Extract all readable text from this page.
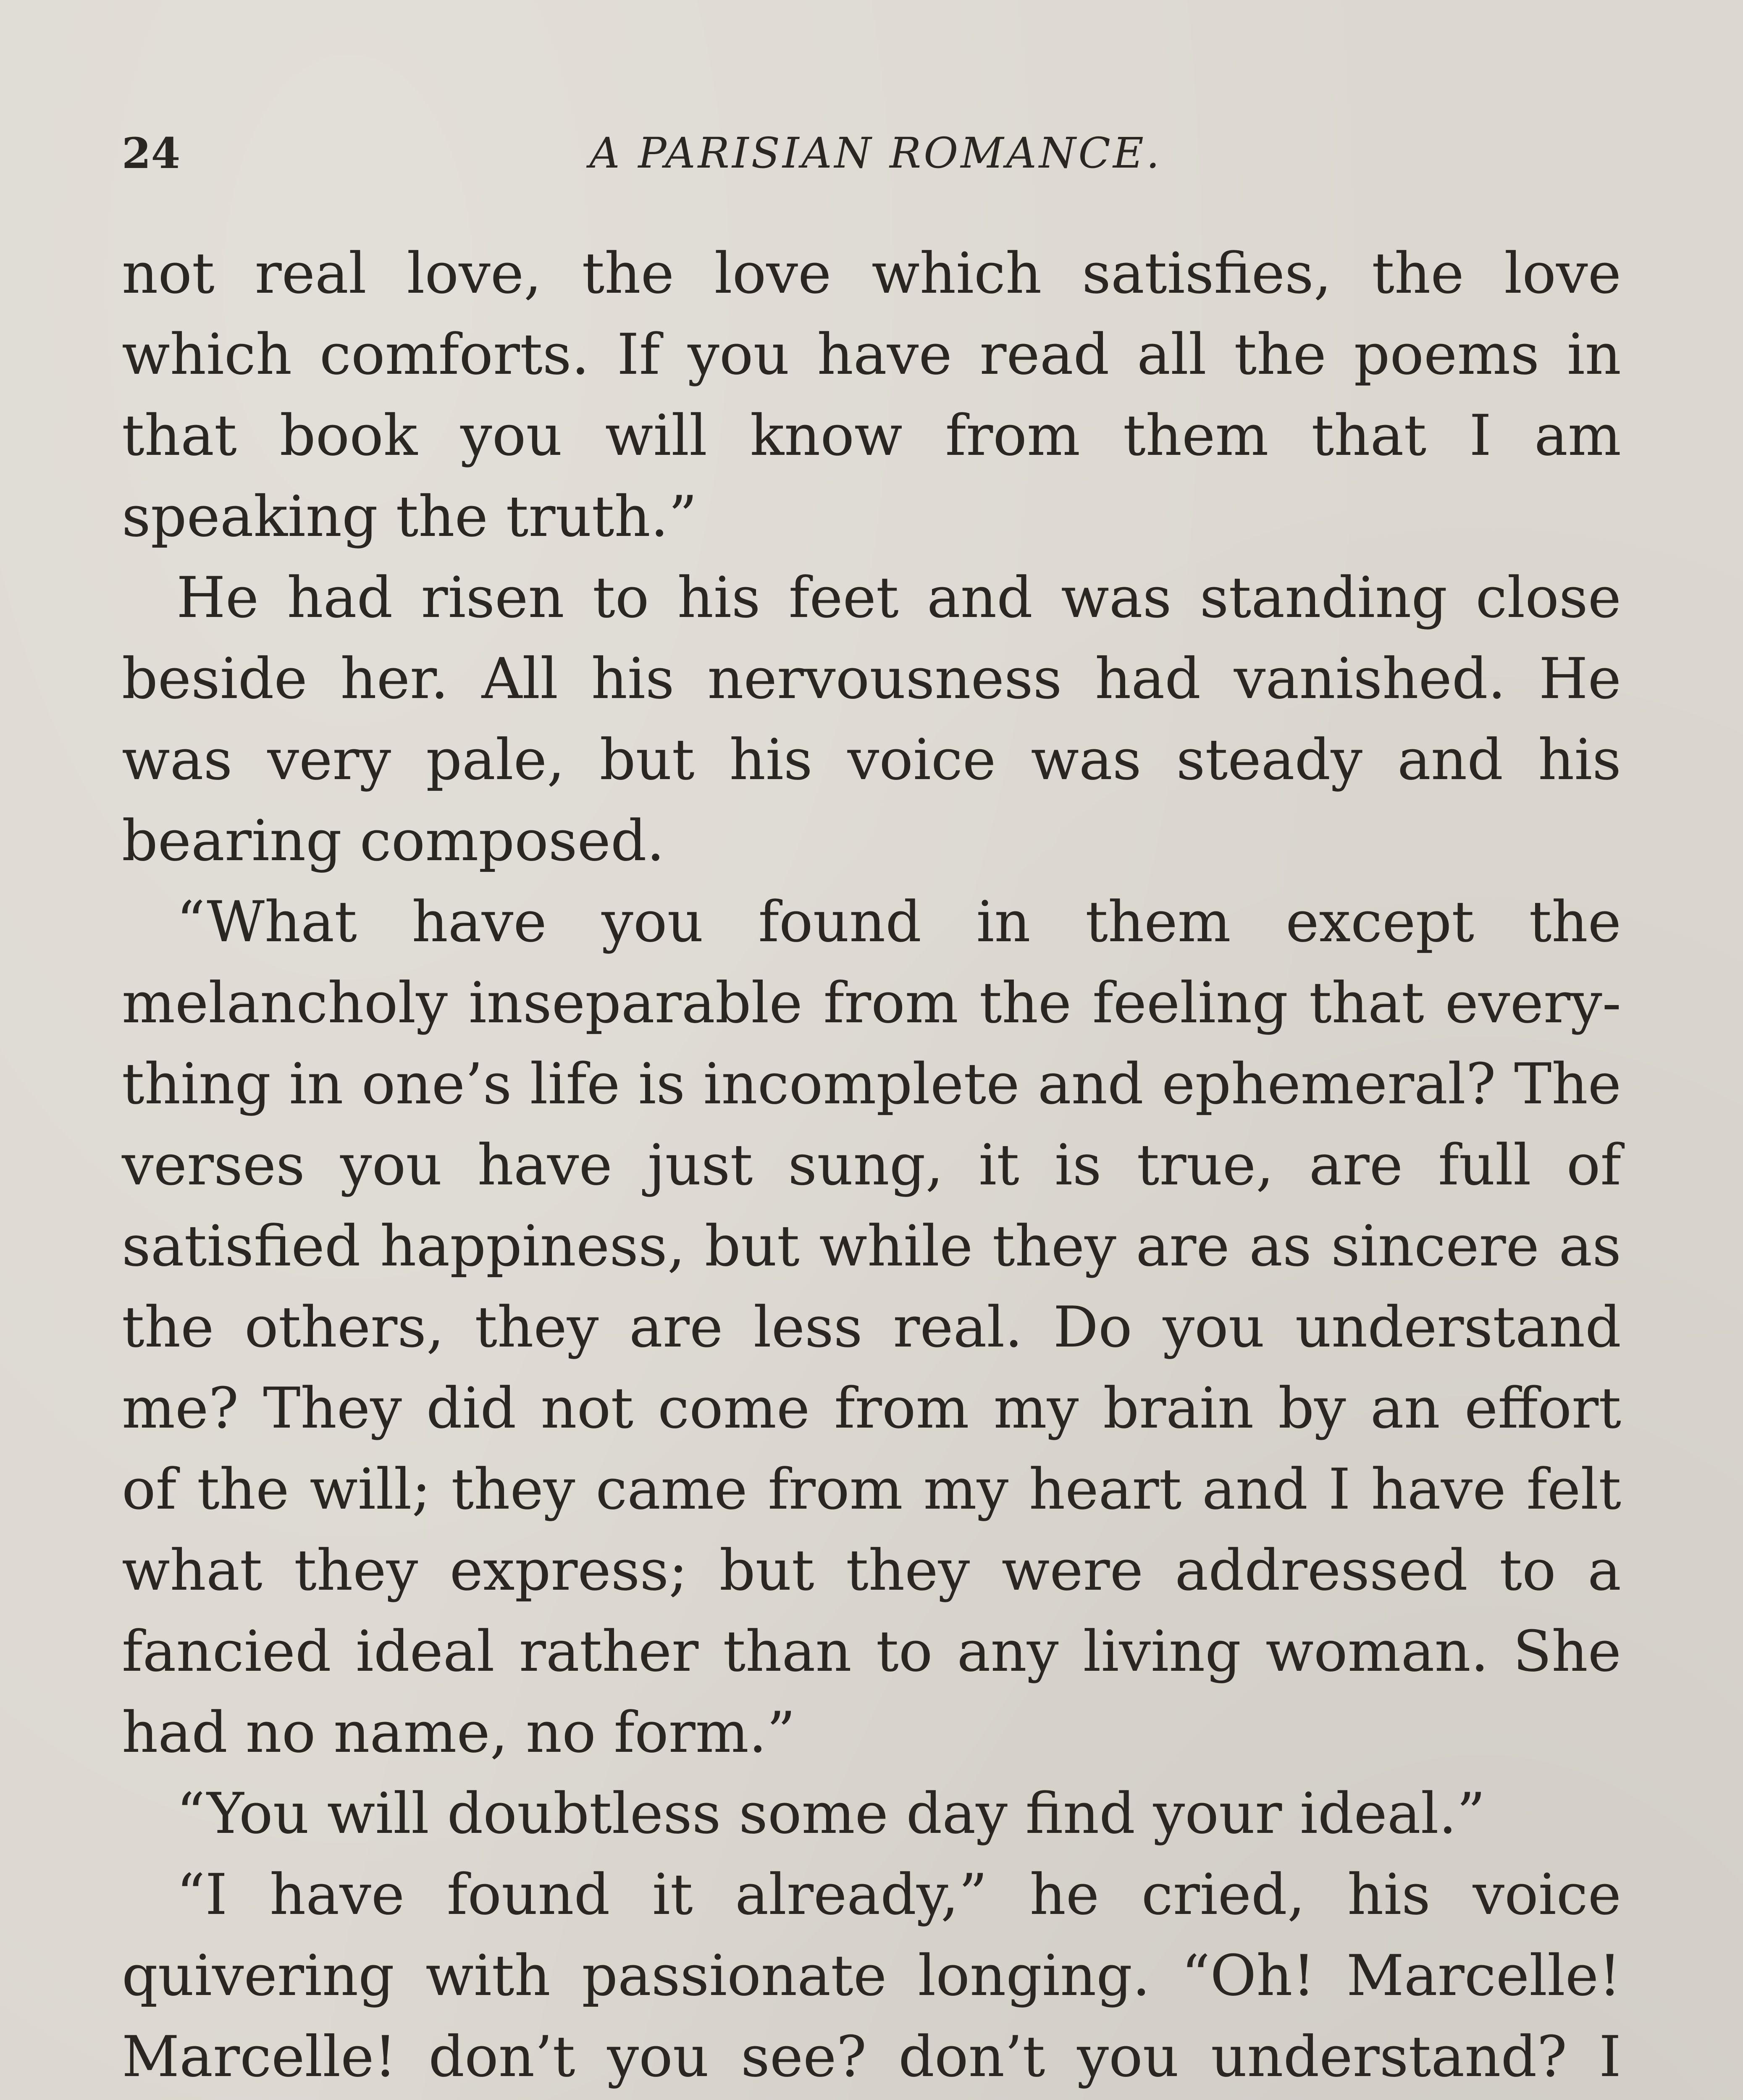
24	A PARISIAN ROMANCE.

not real love, the love which satisfies, the love which comforts. If you have read all the poems in that book you will know from them that I am speaking the truth.”

He had risen to his feet and was standing close beside her. All his nervousness had vanished. He was very pale, but his voice was steady and his bearing composed.

“What have you found in them except the melancholy inseparable from the feeling that every-thing in one’s life is incomplete and ephemeral? The verses you have just sung, it is true, are full of satisfied happiness, but while they are as sincere as the others, they are less real. Do you understand me? They did not come from my brain by an effort of the will; they came from my heart and I have felt what they express; but they were addressed to a fancied ideal rather than to any living woman. She had no name, no form.”

“You will doubtless some day find your ideal.”

“I have found it already,” he cried, his voice quivering with passionate longing. “Oh! Marcelle! Marcelle! don’t you see? don’t you understand? I
